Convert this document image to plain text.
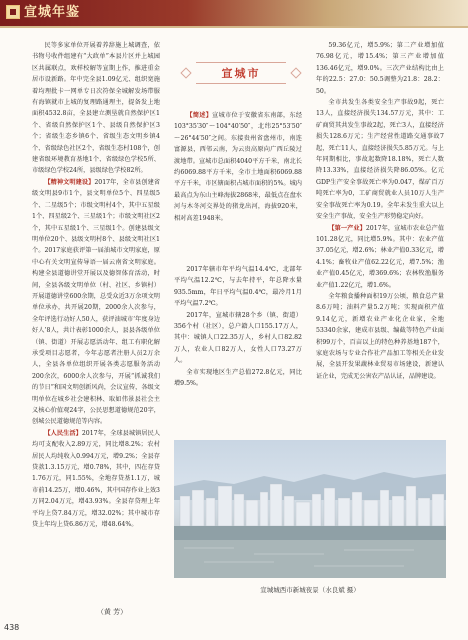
宣城年鉴

民等多家单位开展着养辞施上城调查，依书物号收件组建有“大政单”本县片区并上城园区共属联点，欢样校解等宣期上作，推进重金居市设新路。年中完全县1.09亿元、组织宽施着均理批卡一网单专日次符保全城解发场带服有海镇就市上城的复理路通理主，提备发上地面积4532.8亩，全县建立测垦就自然保护区1个、省级自然保护区1个、县级自然保护区3个；省级生态乡镇6个、省级生态文明乡镇4个、省级绿色社区2个，省级生态村108个，创建省级环境教育基地1个、省级绿色学校5所、市级绿色学校24所，县级绿色学校82所。

【精神文明建设】2017年，全市县创建省级文明县9市1个，县文明单位5个、四星级5个、二星级5个；市级文明村4个，其中五星级1个、四星级2个、三星级1个；市级文明社区2个，其中五星级1个、三星级1个。创建县级文明单位20个、县级文明村8个、县级文明社区1个。2017家庭获评第一届油城市文明家庭，原中心有关文明宣传导语一届云南省文明家庭。构建全县道德讲堂开展以及德智体育活动，时间，全县各级文明单位（村、社区、乡镇村）开展道德讲堂600余期，总受众近3万余项文明单位承办，共开展20期，2000余人次参与，全年评选行动好人50人，获评油城市‘年度身边好人’8人，共计表彰1000余人，县县各级单位（镇、街道）开展志愿活动年、组工有职化解承受项目志愿者，今年志愿者注册人员2万余人，全县各单位组织开展各类志愿服务活动200余次，6000余人次参与，开展“抓诚我们的节日”和国文明创新风尚，会议宣传，各级文明单位在城乡社会建积林、取如伟景县社会主义核心价值观24字，公民思想道德规范20字，创城公民道德规范等内容。

【人民生活】2017年，全球县城镇居民人均可支配收入2.89万元，同比增8.2%；农村居民人均纯收入0.994万元，增9.2%；全县存贷款1.3.15万元，增0.78%，其中，四在存贷1.76万元，同1.55%，全地存贷基1.1万，城市前14.25万，增0.46%，其中国存作业上效3万同2.04万元，增43.93%。全县存贷理上年平均上贷7.84万元，增32.02%；其中城市存贷上年均上贷6.86万元，增48.64%。

（黄 芳）
宣城市

【简述】宣城市位于安徽省东南部，东经103°35′30″～104°40′50″，北纬25°53′50″～26°44′50″之间。东接贵州省盘州市，南连富源县，西邻云南，为云贵高原向广西丘陵过渡地带。宣城市总面积4040平方千米，南北长约6069.88平方千米，全市土地面积6069.88平方千米，市区辖面积占城市面积的5%。城内最高点为东山主峰海拔2868米，最低点在盘水河与木冬河交界处的猪龙出河，海拔920米，相对高差1948米。

2017年辖市年平均气温14.4℃，北部年平均气温12.2℃，与去年持平，年总降水量935.5mm，年日平均气温0.4℃，最冷月1月平均气温7.2℃。

2017年，宣城市辖28个乡（镇、街道）356个村（社区），总户籍人口155.17万人，其中：城镇人口22.35万人，乡村人口82.82万人，农业人口82万人，女性人口73.27万人。

全市实现地区生产总值272.8亿元，同比增9.5%。

59.36亿元，增5.9%；第二产业增加值76.98亿元，增15.4%；第三产业增加值136.46亿元，增9.0%。三次产业结构比由上年的22.5：27.0：50.5调整为21.8：28.2：50。

全市共发生各类安全生产事故9起，死亡13人，直接经济损失134.57万元，其中：工矿商贸其共发生事故2起，死亡3人，直接经济损失128.6万元；生产经营性道路交通事故7起，死亡11人，直接经济损失5.85万元。与上年同期相比，事故起数降18.18%，死亡人数降13.33%，直接经济损失降86.05%。亿元GDP生产安全事故死亡率为0.047，煤矿百万吨死亡率为0，工矿商贸就业人员10万人生产安全事故死亡率为0.19。全年未发生重大以上安全生产事故，安全生产形势稳定向好。

【第一产业】2017年，宣城市农业总产值101.28亿元，同比增5.9%。其中：农业产值37.05亿元，增2.6%；林业产值0.33亿元，增4.1%；畜牧业产值62.22亿元，增7.5%；渔业产值0.45亿元，增369.6%；农林牧渔服务业产值1.22亿元，增1.6%。

全年粮食播种面积19万公顷，粮食总产量8.6万吨；油料产量5.2万吨；实现面积产值9.14亿元，新增农业产业化企业家，全地53340余家，建成市县级、编截等特色产业面积99万个，百亩以上的特色种养基地187个，家庭农场与专业合作社产品加工等相关企业发展，全县开发果蔬林业贸易市场建设，新建认证企业，完成无公害农产品认证，品牌建设。

宣城城西市新城夜景（水良斌 摄）
438
